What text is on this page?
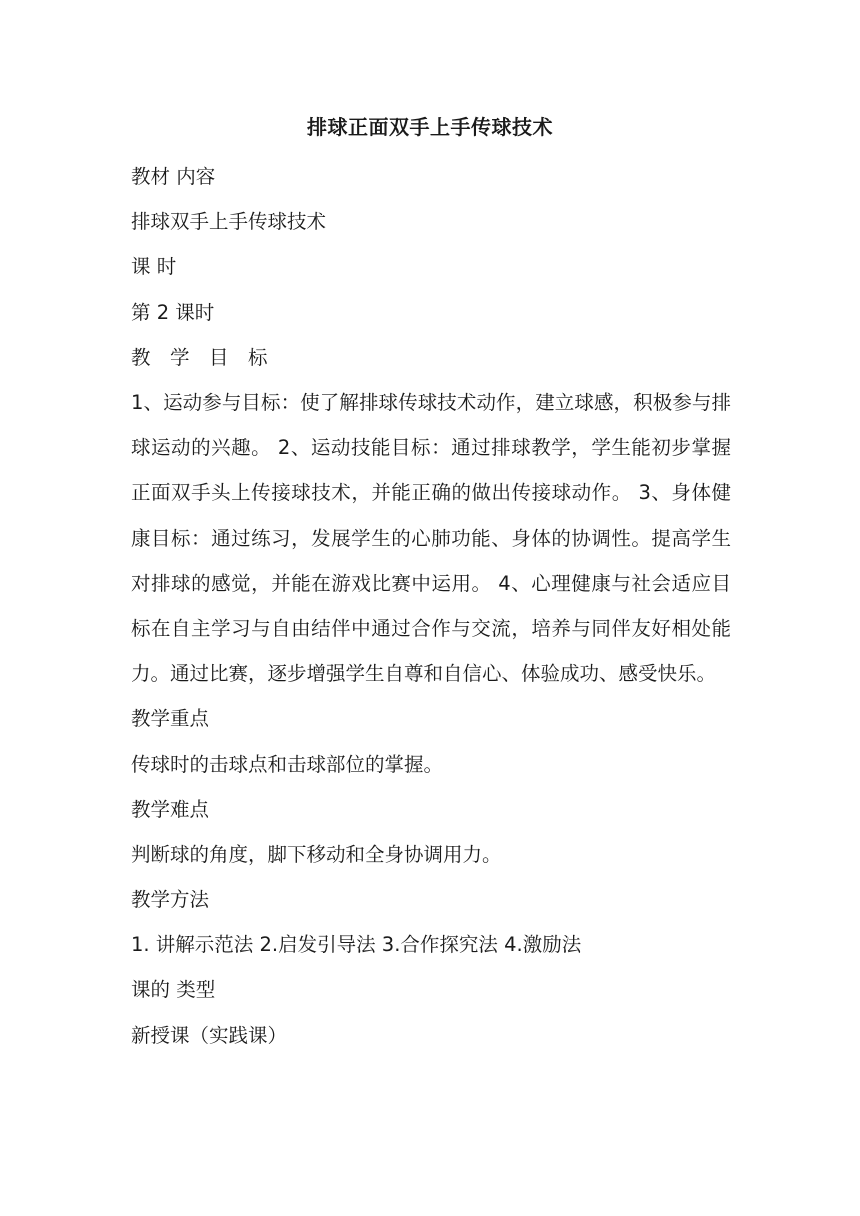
排球正面双手上手传球技术
教材 内容
排球双手上手传球技术
课 时
第 2 课时
教　学　目　标
1、运动参与目标：使了解排球传球技术动作，建立球感，积极参与排球运动的兴趣。 2、运动技能目标：通过排球教学，学生能初步掌握正面双手头上传接球技术，并能正确的做出传接球动作。 3、身体健康目标：通过练习，发展学生的心肺功能、身体的协调性。提高学生对排球的感觉，并能在游戏比赛中运用。 4、心理健康与社会适应目标在自主学习与自由结伴中通过合作与交流，培养与同伴友好相处能力。通过比赛，逐步增强学生自尊和自信心、体验成功、感受快乐。
教学重点
传球时的击球点和击球部位的掌握。
教学难点
判断球的角度，脚下移动和全身协调用力。
教学方法
1. 讲解示范法 2.启发引导法 3.合作探究法 4.激励法
课的 类型
新授课（实践课）
